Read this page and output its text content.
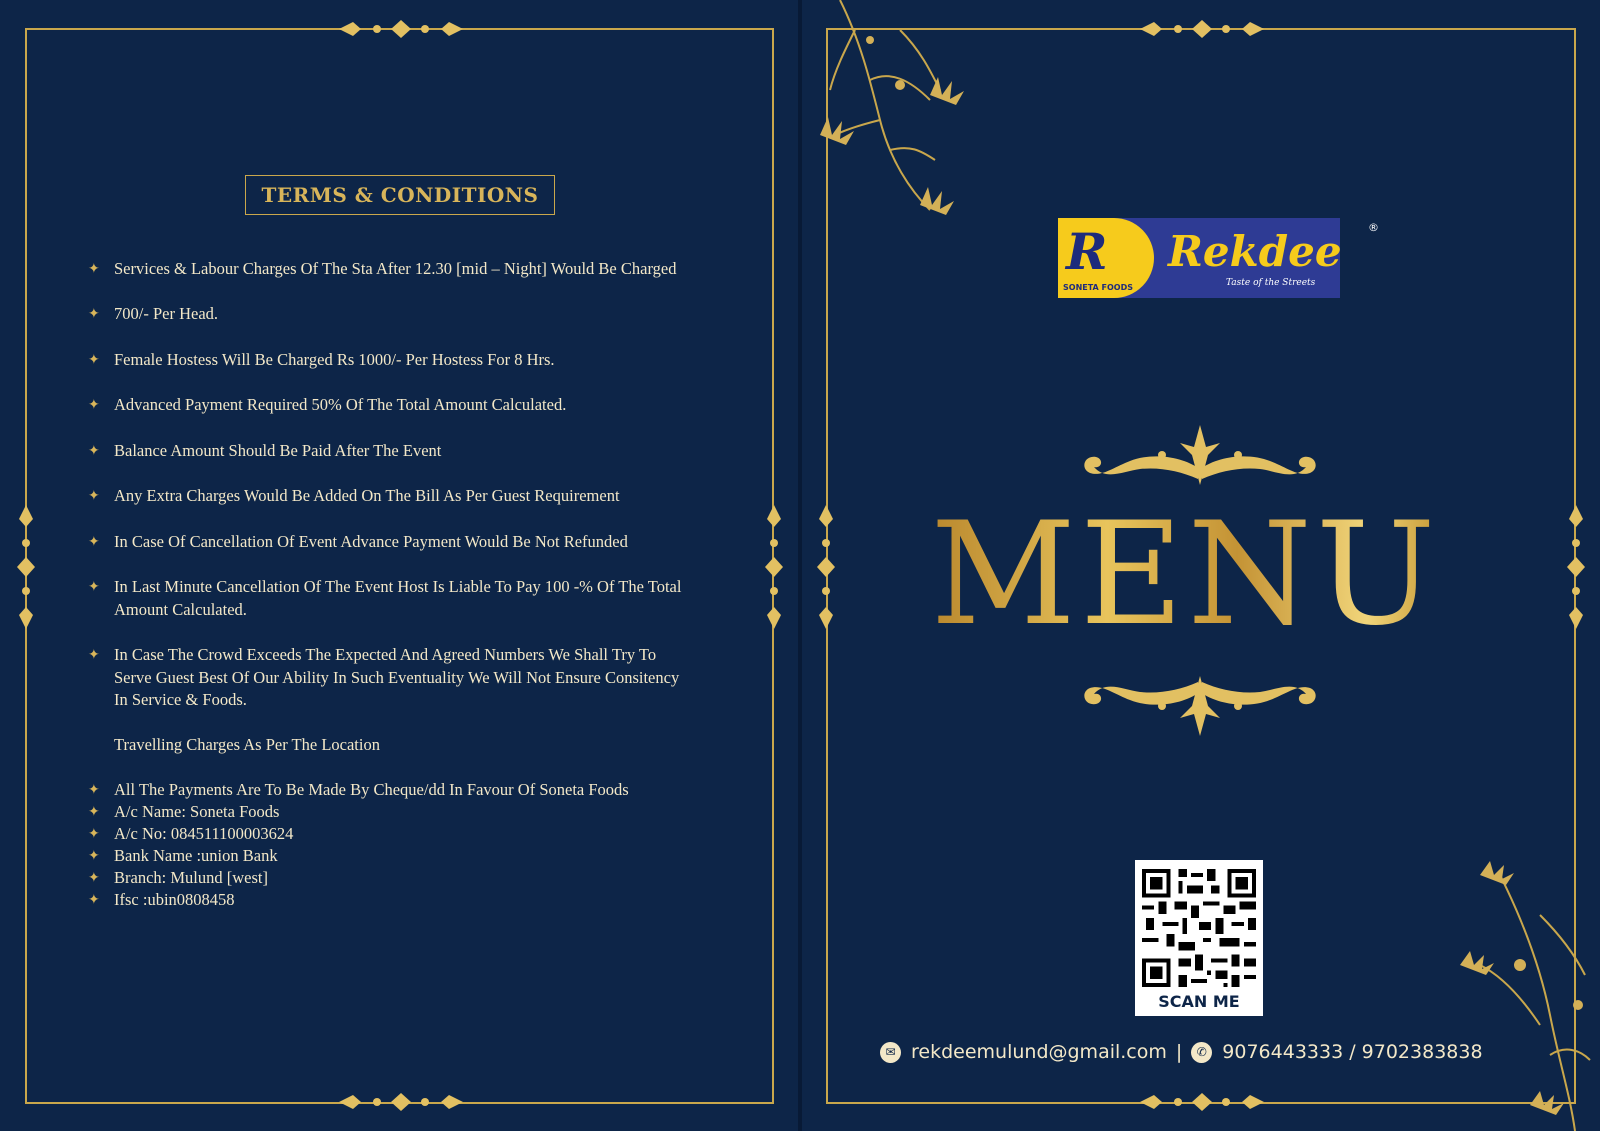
TERMS & CONDITIONS
✦ Services & Labour Charges Of The Sta After 12.30 [mid – Night] Would Be Charged
✦ 700/- Per Head.
✦ Female Hostess Will Be Charged Rs 1000/- Per Hostess For 8 Hrs.
✦ Advanced Payment Required 50% Of The Total Amount Calculated.
✦ Balance Amount Should Be Paid After The Event
✦ Any Extra Charges Would Be Added On The Bill As Per Guest Requirement
✦ In Case Of Cancellation Of Event Advance Payment Would Be Not Refunded
✦ In Last Minute Cancellation Of The Event Host Is Liable To Pay 100 -% Of The Total Amount Calculated.
✦ In Case The Crowd Exceeds The Expected And Agreed Numbers We Shall Try To Serve Guest Best Of Our Ability In Such Eventuality We Will Not Ensure Consitency In Service & Foods.
Travelling Charges As Per The Location
✦ All The Payments Are To Be Made By Cheque/dd In Favour Of Soneta Foods
✦ A/c Name: Soneta Foods
✦ A/c No: 084511100003624
✦ Bank Name :union Bank
✦ Branch: Mulund [west]
✦ Ifsc :ubin0808458
R
SONETA FOODS
Rekdee ®
Taste of the Streets
MENU
SCAN ME
✉ rekdeemulund@gmail.com |	✆ 9076443333 / 9702383838
